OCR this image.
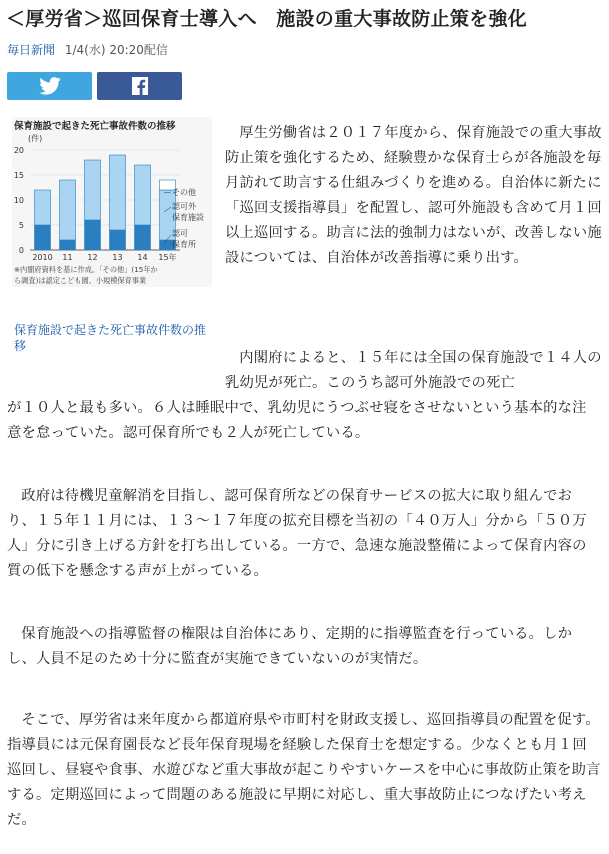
＜厚労省＞巡回保育士導入へ　施設の重大事故防止策を強化
毎日新聞 1/4(水) 20:20配信
保育施設で起きた死亡事故件数の推移
(件)
0
5
10
15
20
2010 11 12 13 14 15年
その他
認可外
保育施設
認可
保育所
※内閣府資料を基に作成。「その他」(15年か
ら調査)は認定こども園、小規模保育事業
保育施設で起きた死亡事故件数の推移
厚生労働省は２０１７年度から、保育施設での重大事故防止策を強化するため、経験豊かな保育士らが各施設を毎月訪れて助言する仕組みづくりを進める。自治体に新たに「巡回支援指導員」を配置し、認可外施設も含めて月１回以上巡回する。助言に法的強制力はないが、改善しない施設については、自治体が改善指導に乗り出す。
内閣府によると、１５年には全国の保育施設で１４人の乳幼児が死亡。このうち認可外施設での死亡
が１０人と最も多い。６人は睡眠中で、乳幼児にうつぶせ寝をさせないという基本的な注意を怠っていた。認可保育所でも２人が死亡している。
政府は待機児童解消を目指し、認可保育所などの保育サービスの拡大に取り組んでおり、１５年１１月には、１３～１７年度の拡充目標を当初の「４０万人」分から「５０万人」分に引き上げる方針を打ち出している。一方で、急速な施設整備によって保育内容の質の低下を懸念する声が上がっている。
保育施設への指導監督の権限は自治体にあり、定期的に指導監査を行っている。しかし、人員不足のため十分に監査が実施できていないのが実情だ。
そこで、厚労省は来年度から都道府県や市町村を財政支援し、巡回指導員の配置を促す。指導員には元保育園長など長年保育現場を経験した保育士を想定する。少なくとも月１回巡回し、昼寝や食事、水遊びなど重大事故が起こりやすいケースを中心に事故防止策を助言する。定期巡回によって問題のある施設に早期に対応し、重大事故防止につなげたい考えだ。
